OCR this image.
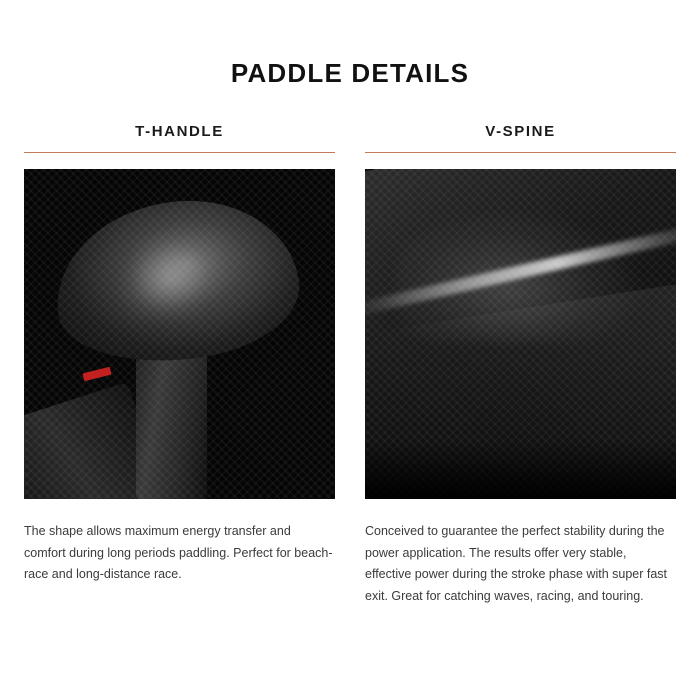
PADDLE DETAILS
T-HANDLE

The shape allows maximum energy transfer and comfort during long periods paddling. Perfect for beach-race and long-distance race.

V-SPINE

Conceived to guarantee the perfect stability during the power application. The results offer very stable, effective power during the stroke phase with super fast exit. Great for catching waves, racing, and touring.
